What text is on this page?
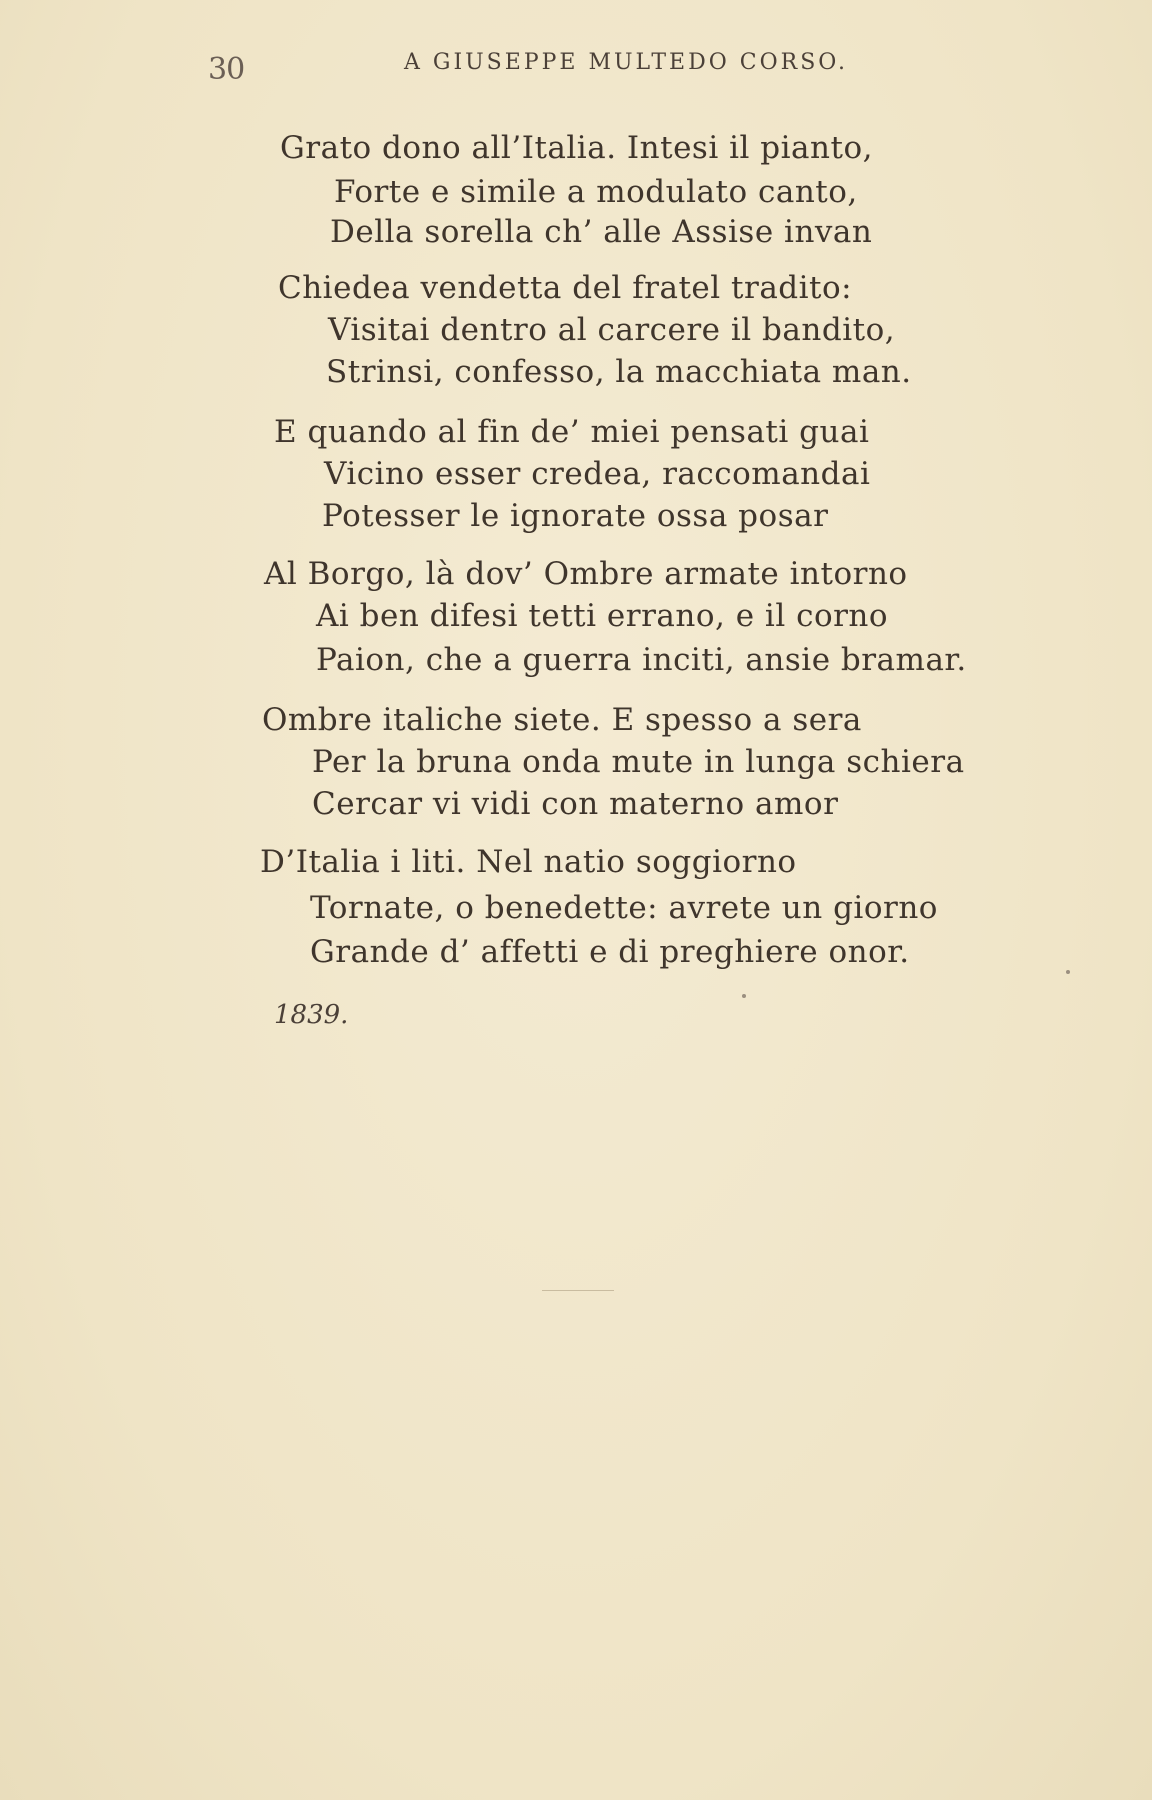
30	A GIUSEPPE MULTEDO CORSO.
Grato dono all’Italia. Intesi il pianto,
Forte e simile a modulato canto,
Della sorella ch’ alle Assise invan
Chiedea vendetta del fratel tradito:
Visitai dentro al carcere il bandito,
Strinsi, confesso, la macchiata man.
E quando al fin de’ miei pensati guai
Vicino esser credea, raccomandai
Potesser le ignorate ossa posar
Al Borgo, là dov’ Ombre armate intorno
Ai ben difesi tetti errano, e il corno
Paion, che a guerra inciti, ansie bramar.
Ombre italiche siete. E spesso a sera
Per la bruna onda mute in lunga schiera
Cercar vi vidi con materno amor
D’Italia i liti. Nel natio soggiorno
Tornate, o benedette: avrete un giorno
Grande d’ affetti e di preghiere onor.
1839.
